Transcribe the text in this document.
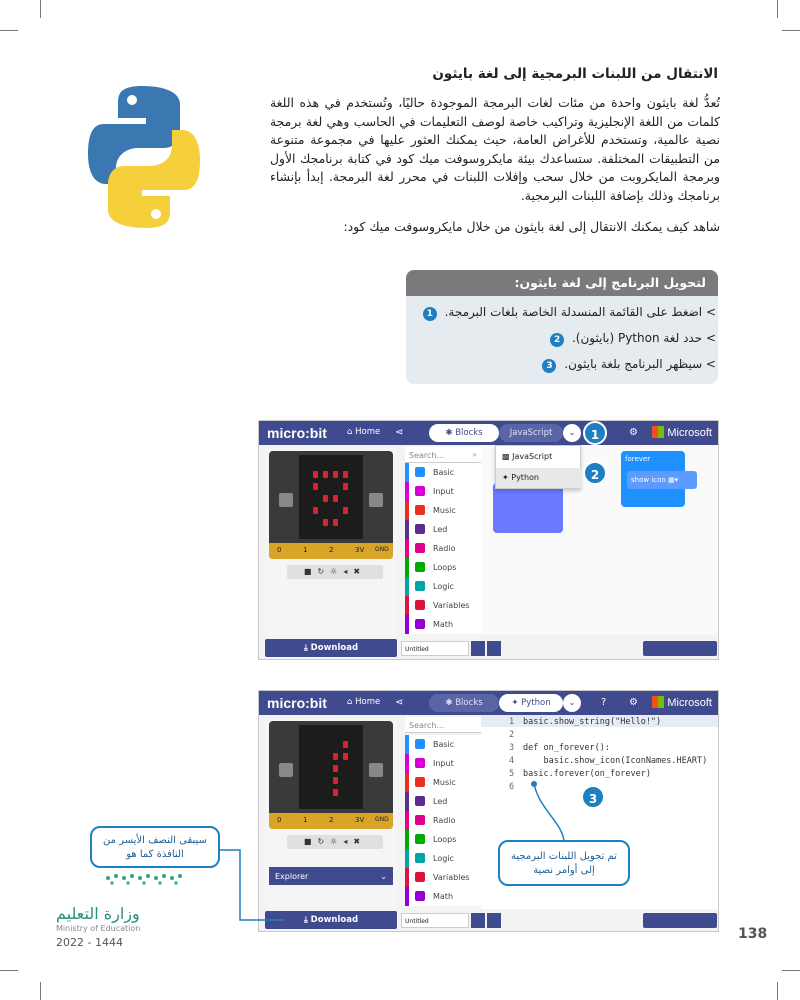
الانتقال من اللبنات البرمجية إلى لغة بايثون

تُعدُّ لغة بايثون واحدة من مئات لغات البرمجة الموجودة حاليًا، وتُستخدم في هذه اللغة كلمات من اللغة الإنجليزية وتراكيب خاصة لوصف التعليمات في الحاسب وهي لغة برمجة نصية عالمية، وتستخدم للأغراض العامة، حيث يمكنك العثور عليها في مجموعة متنوعة من التطبيقات المختلفة. ستساعدك بيئة مايكروسوفت ميك كود في كتابة برنامجك الأول وبرمجة المايكروبت من خلال سحب وإفلات اللبنات في محرر لغة البرمجة. إبدأ بإنشاء برنامجك وذلك بإضافة اللبنات البرمجية.

شاهد كيف يمكنك الانتقال إلى لغة بايثون من خلال مايكروسوفت ميك كود:

لتحويل البرنامج إلى لغة بايثون:
> اضغط على القائمة المنسدلة الخاصة بلغات البرمجة. 1
> حدد لغة Python (بايثون). 2
> سيظهر البرنامج بلغة بايثون. 3
micro:bit ⌂ Home ⋖	✱ Blocks	JavaScript	⌄	⚙	Microsoft
1
0	1	2	3V GND
■↻☼◂✖
Search...	⌕
Basic
Input
Music
Led
Radio
Loops
Logic
Variables
Math
forever
show icon ▦▾
▩ JavaScript
✦ Python	2
⤓ Download	Untitled
micro:bit ⌂ Home ⋖	✱ Blocks	✦ Python	⌄	? ⚙	Microsoft
0	1	2	3V GND
■↻☼◂✖
Explorer	⌄
Search...
Basic
Input
Music
Led
Radio
Loops
Logic
Variables
Math
1 basic.show_string("Hello!")
2
3 def on_forever():
4 basic.show_icon(IconNames.HEART)
5 basic.forever(on_forever)
6
3
⤓ Download	Untitled
تم تحويل اللبنات البرمجية إلى أوامر نصية
سيبقى النصف الأيسر من النافذة كما هو
وزارة التعليم
Ministry of Education
2022 - 1444
138
